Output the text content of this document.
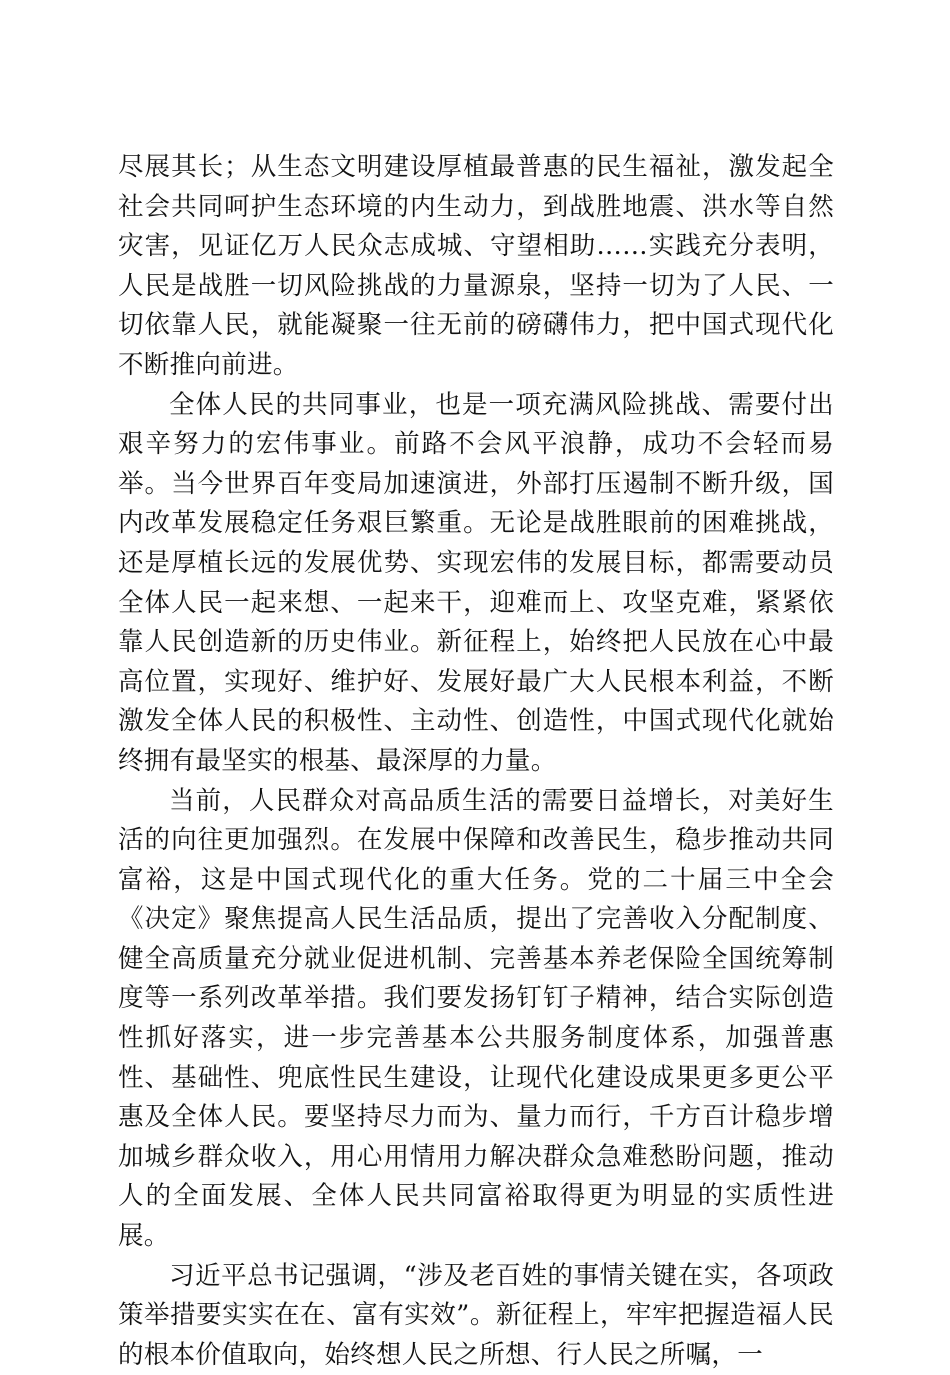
尽展其长；从生态文明建设厚植最普惠的民生福祉，激发起全社会共同呵护生态环境的内生动力，到战胜地震、洪水等自然灾害，见证亿万人民众志成城、守望相助……实践充分表明，人民是战胜一切风险挑战的力量源泉，坚持一切为了人民、一切依靠人民，就能凝聚一往无前的磅礴伟力，把中国式现代化不断推向前进。

全体人民的共同事业，也是一项充满风险挑战、需要付出艰辛努力的宏伟事业。前路不会风平浪静，成功不会轻而易举。当今世界百年变局加速演进，外部打压遏制不断升级，国内改革发展稳定任务艰巨繁重。无论是战胜眼前的困难挑战，还是厚植长远的发展优势、实现宏伟的发展目标，都需要动员全体人民一起来想、一起来干，迎难而上、攻坚克难，紧紧依靠人民创造新的历史伟业。新征程上，始终把人民放在心中最高位置，实现好、维护好、发展好最广大人民根本利益，不断激发全体人民的积极性、主动性、创造性，中国式现代化就始终拥有最坚实的根基、最深厚的力量。

当前，人民群众对高品质生活的需要日益增长，对美好生活的向往更加强烈。在发展中保障和改善民生，稳步推动共同富裕，这是中国式现代化的重大任务。党的二十届三中全会《决定》聚焦提高人民生活品质，提出了完善收入分配制度、健全高质量充分就业促进机制、完善基本养老保险全国统筹制度等一系列改革举措。我们要发扬钉钉子精神，结合实际创造性抓好落实，进一步完善基本公共服务制度体系，加强普惠性、基础性、兜底性民生建设，让现代化建设成果更多更公平惠及全体人民。要坚持尽力而为、量力而行，千方百计稳步增加城乡群众收入，用心用情用力解决群众急难愁盼问题，推动人的全面发展、全体人民共同富裕取得更为明显的实质性进展。

习近平总书记强调，“涉及老百姓的事情关键在实，各项政策举措要实实在在、富有实效”。新征程上，牢牢把握造福人民的根本价值取向，始终想人民之所想、行人民之所嘱，一
